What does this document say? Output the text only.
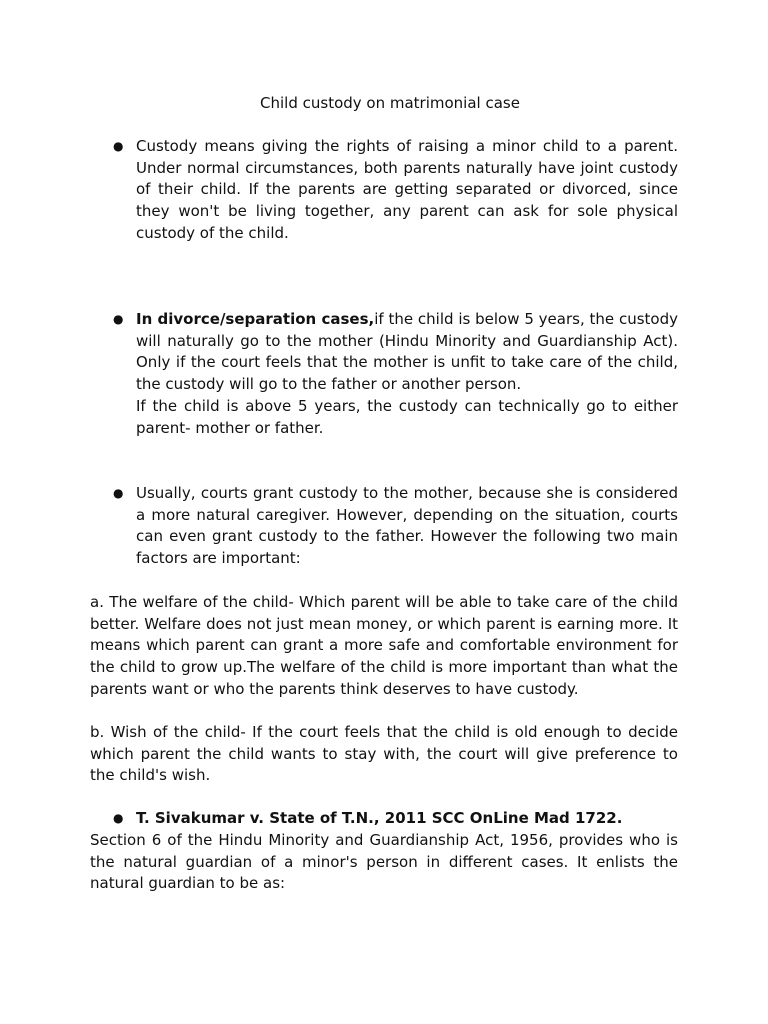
Child custody on matrimonial case
● Custody means giving the rights of raising a minor child to a parent. Under normal circumstances, both parents naturally have joint custody of their child. If the parents are getting separated or divorced, since they won't be living together, any parent can ask for sole physical custody of the child.

● In divorce/separation cases,if the child is below 5 years, the custody will naturally go to the mother (Hindu Minority and Guardianship Act). Only if the court feels that the mother is unfit to take care of the child, the custody will go to the father or another person.

If the child is above 5 years, the custody can technically go to either parent- mother or father.

● Usually, courts grant custody to the mother, because she is considered a more natural caregiver. However, depending on the situation, courts can even grant custody to the father. However the following two main factors are important:

a. The welfare of the child- Which parent will be able to take care of the child better. Welfare does not just mean money, or which parent is earning more. It means which parent can grant a more safe and comfortable environment for the child to grow up.The welfare of the child is more important than what the parents want or who the parents think deserves to have custody.

b. Wish of the child- If the court feels that the child is old enough to decide which parent the child wants to stay with, the court will give preference to the child's wish.

● T. Sivakumar v. State of T.N., 2011 SCC OnLine Mad 1722.

Section 6 of the Hindu Minority and Guardianship Act, 1956, provides who is the natural guardian of a minor's person in different cases. It enlists the natural guardian to be as:
